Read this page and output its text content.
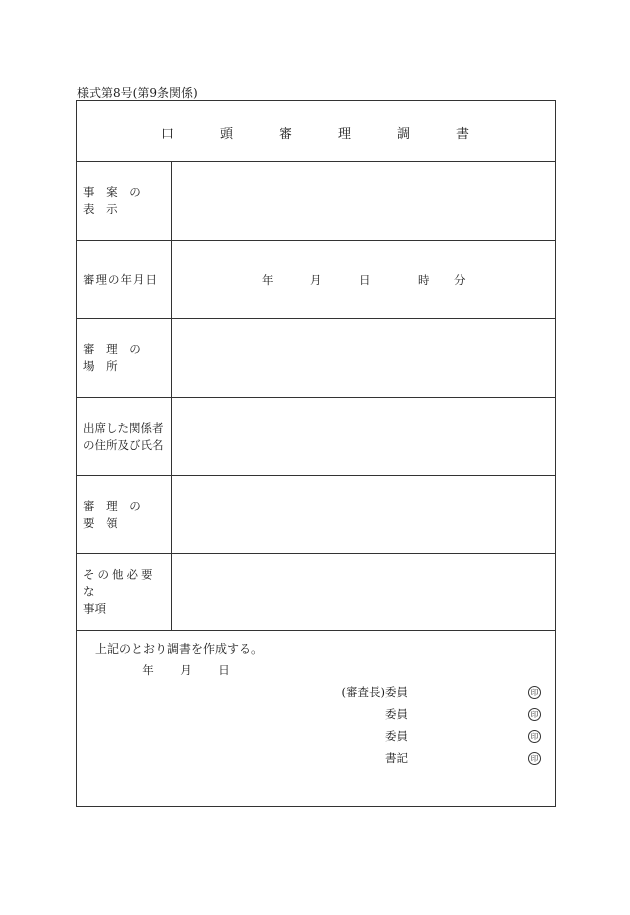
様式第8号(第9条関係)
口	頭	審	理	調	書
事 案 の 表 示
審理の年月日	年	月	日	時 分
審 理 の 場 所
出席した関係者
の住所及び氏名
審 理 の 要 領
その他必要な
事項
上記のとおり調書を作成する。
年 月 日
(審査長)委員	印
委員	印
委員	印
書記	印
